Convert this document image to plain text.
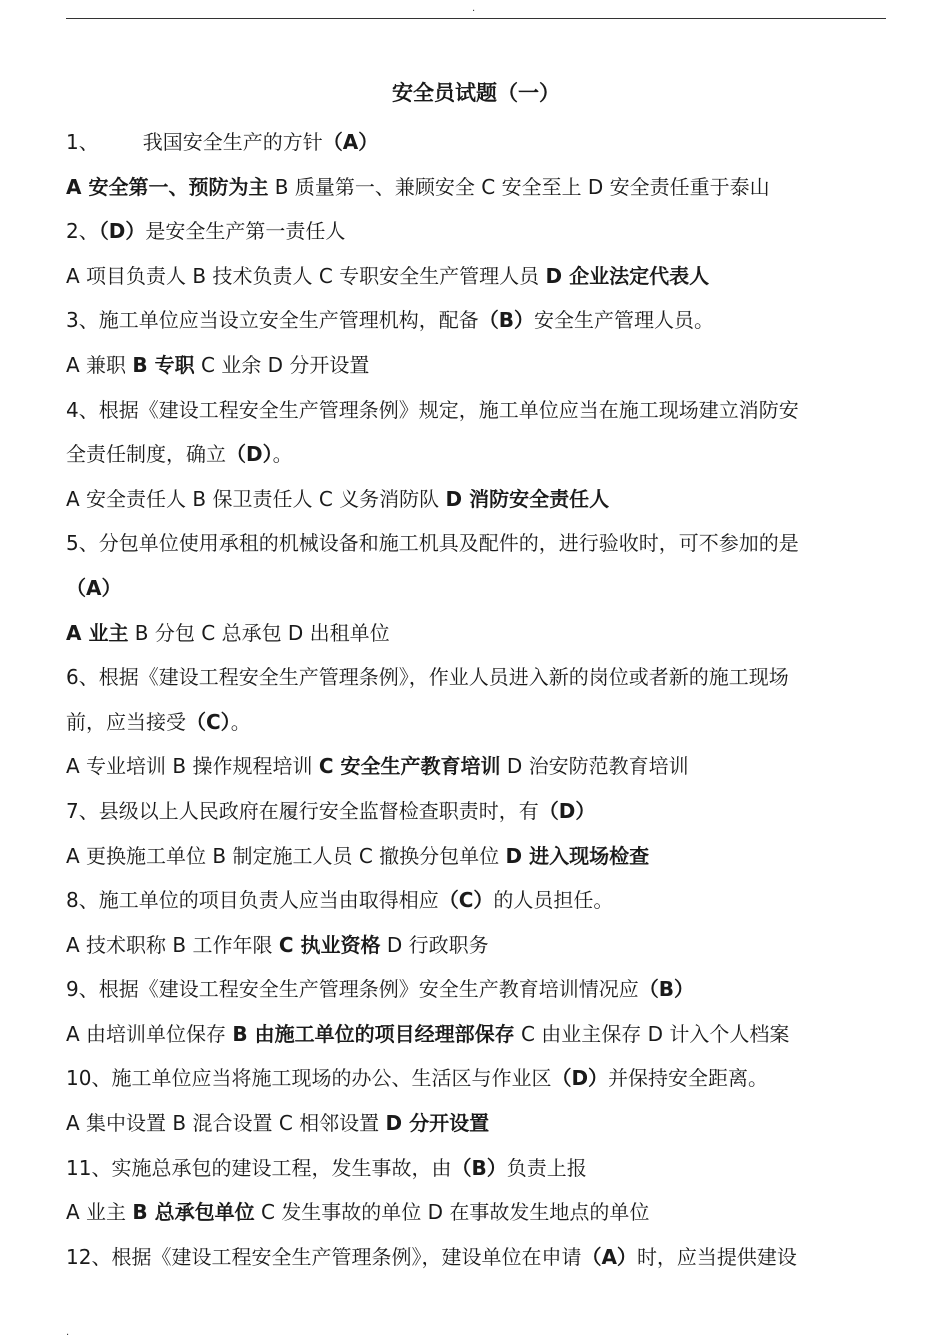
.
安全员试题（一）
1、 我国安全生产的方针（A）
A 安全第一、预防为主 B 质量第一、兼顾安全 C 安全至上 D 安全责任重于泰山
2、（D）是安全生产第一责任人
A 项目负责人 B 技术负责人 C 专职安全生产管理人员 D 企业法定代表人
3、施工单位应当设立安全生产管理机构，配备（B）安全生产管理人员。
A 兼职 B 专职 C 业余 D 分开设置
4、根据《建设工程安全生产管理条例》规定，施工单位应当在施工现场建立消防安
全责任制度，确立（D）。
A 安全责任人 B 保卫责任人 C 义务消防队 D 消防安全责任人
5、分包单位使用承租的机械设备和施工机具及配件的，进行验收时，可不参加的是
（A）
A 业主 B 分包 C 总承包 D 出租单位
6、根据《建设工程安全生产管理条例》，作业人员进入新的岗位或者新的施工现场
前，应当接受（C）。
A 专业培训 B 操作规程培训 C 安全生产教育培训 D 治安防范教育培训
7、县级以上人民政府在履行安全监督检查职责时，有（D）
A 更换施工单位 B 制定施工人员 C 撤换分包单位 D 进入现场检查
8、施工单位的项目负责人应当由取得相应（C）的人员担任。
A 技术职称 B 工作年限 C 执业资格 D 行政职务
9、根据《建设工程安全生产管理条例》安全生产教育培训情况应（B）
A 由培训单位保存 B 由施工单位的项目经理部保存 C 由业主保存 D 计入个人档案
10、施工单位应当将施工现场的办公、生活区与作业区（D）并保持安全距离。
A 集中设置 B 混合设置 C 相邻设置 D 分开设置
11、实施总承包的建设工程，发生事故，由（B）负责上报
A 业主 B 总承包单位 C 发生事故的单位 D 在事故发生地点的单位
12、根据《建设工程安全生产管理条例》，建设单位在申请（A）时，应当提供建设
.
